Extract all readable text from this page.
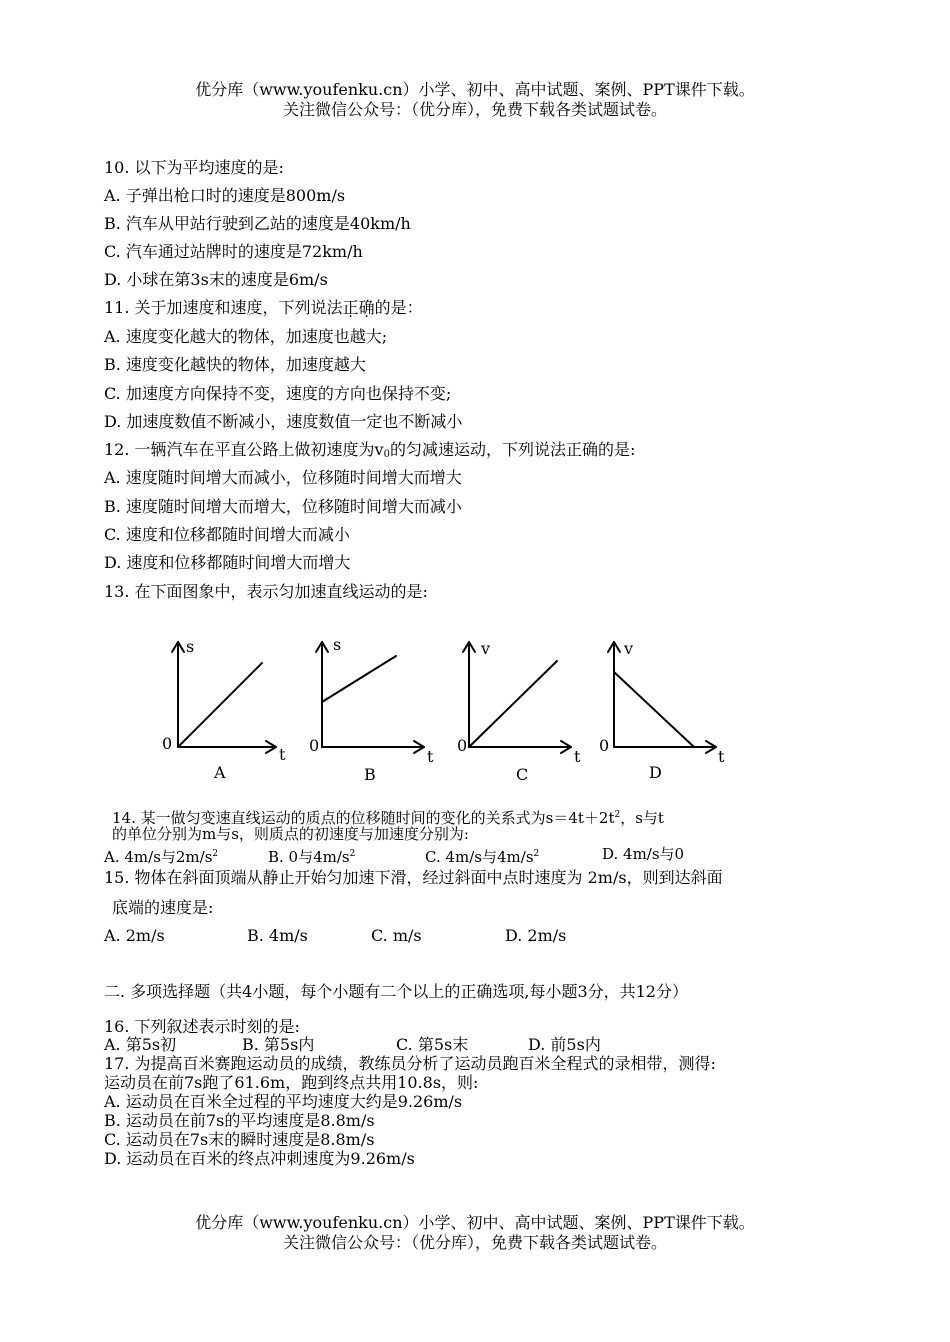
优分库（www.youfenku.cn）小学、初中、高中试题、案例、PPT课件下载。
关注微信公众号：（优分库），免费下载各类试题试卷。
10. 以下为平均速度的是:
A. 子弹出枪口时的速度是800m/s
B. 汽车从甲站行驶到乙站的速度是40km/h
C. 汽车通过站牌时的速度是72km/h
D. 小球在第3s末的速度是6m/s
11. 关于加速度和速度，下列说法正确的是：
A. 速度变化越大的物体，加速度也越大;
B. 速度变化越快的物体，加速度越大
C. 加速度方向保持不变，速度的方向也保持不变;
D. 加速度数值不断减小，速度数值一定也不断减小
12. 一辆汽车在平直公路上做初速度为$v_0$的匀减速运动，下列说法正确的是:
A. 速度随时间增大而减小，位移随时间增大而增大
B. 速度随时间增大而增大，位移随时间增大而减小
C. 速度和位移都随时间增大而减小
D. 速度和位移都随时间增大而增大
13. 在下面图象中，表示匀加速直线运动的是:
s
t
0
A
s
t
0
B
v
t
0
C
v
t
0
D
14. 某一做匀变速直线运动的质点的位移随时间的变化的关系式为$s=4t+2t^2$，s与t
的单位分别为m与s，则质点的初速度与加速度分别为:
A. 4m/s与$2m/s^2$	B. 0与$4m/s^2$	C. 4m/s与$4m/s^2$	D. 4m/s与0
15. 物体在斜面顶端从静止开始匀加速下滑，经过斜面中点时速度为 2m/s，则到达斜面
底端的速度是:
A. 2m/s	B. 4m/s	C. m/s	D. 2m/s
二. 多项选择题（共4小题，每个小题有二个以上的正确选项,每小题3分，共12分）
16. 下列叙述表示时刻的是:
A. 第5s初	B. 第5s内	C. 第5s末	D. 前5s内
17. 为提高百米赛跑运动员的成绩，教练员分析了运动员跑百米全程式的录相带，测得:
运动员在前7s跑了61.6m，跑到终点共用10.8s，则:
A. 运动员在百米全过程的平均速度大约是9.26m/s
B. 运动员在前7s的平均速度是8.8m/s
C. 运动员在7s末的瞬时速度是8.8m/s
D. 运动员在百米的终点冲刺速度为9.26m/s
优分库（www.youfenku.cn）小学、初中、高中试题、案例、PPT课件下载。
关注微信公众号：（优分库），免费下载各类试题试卷。
